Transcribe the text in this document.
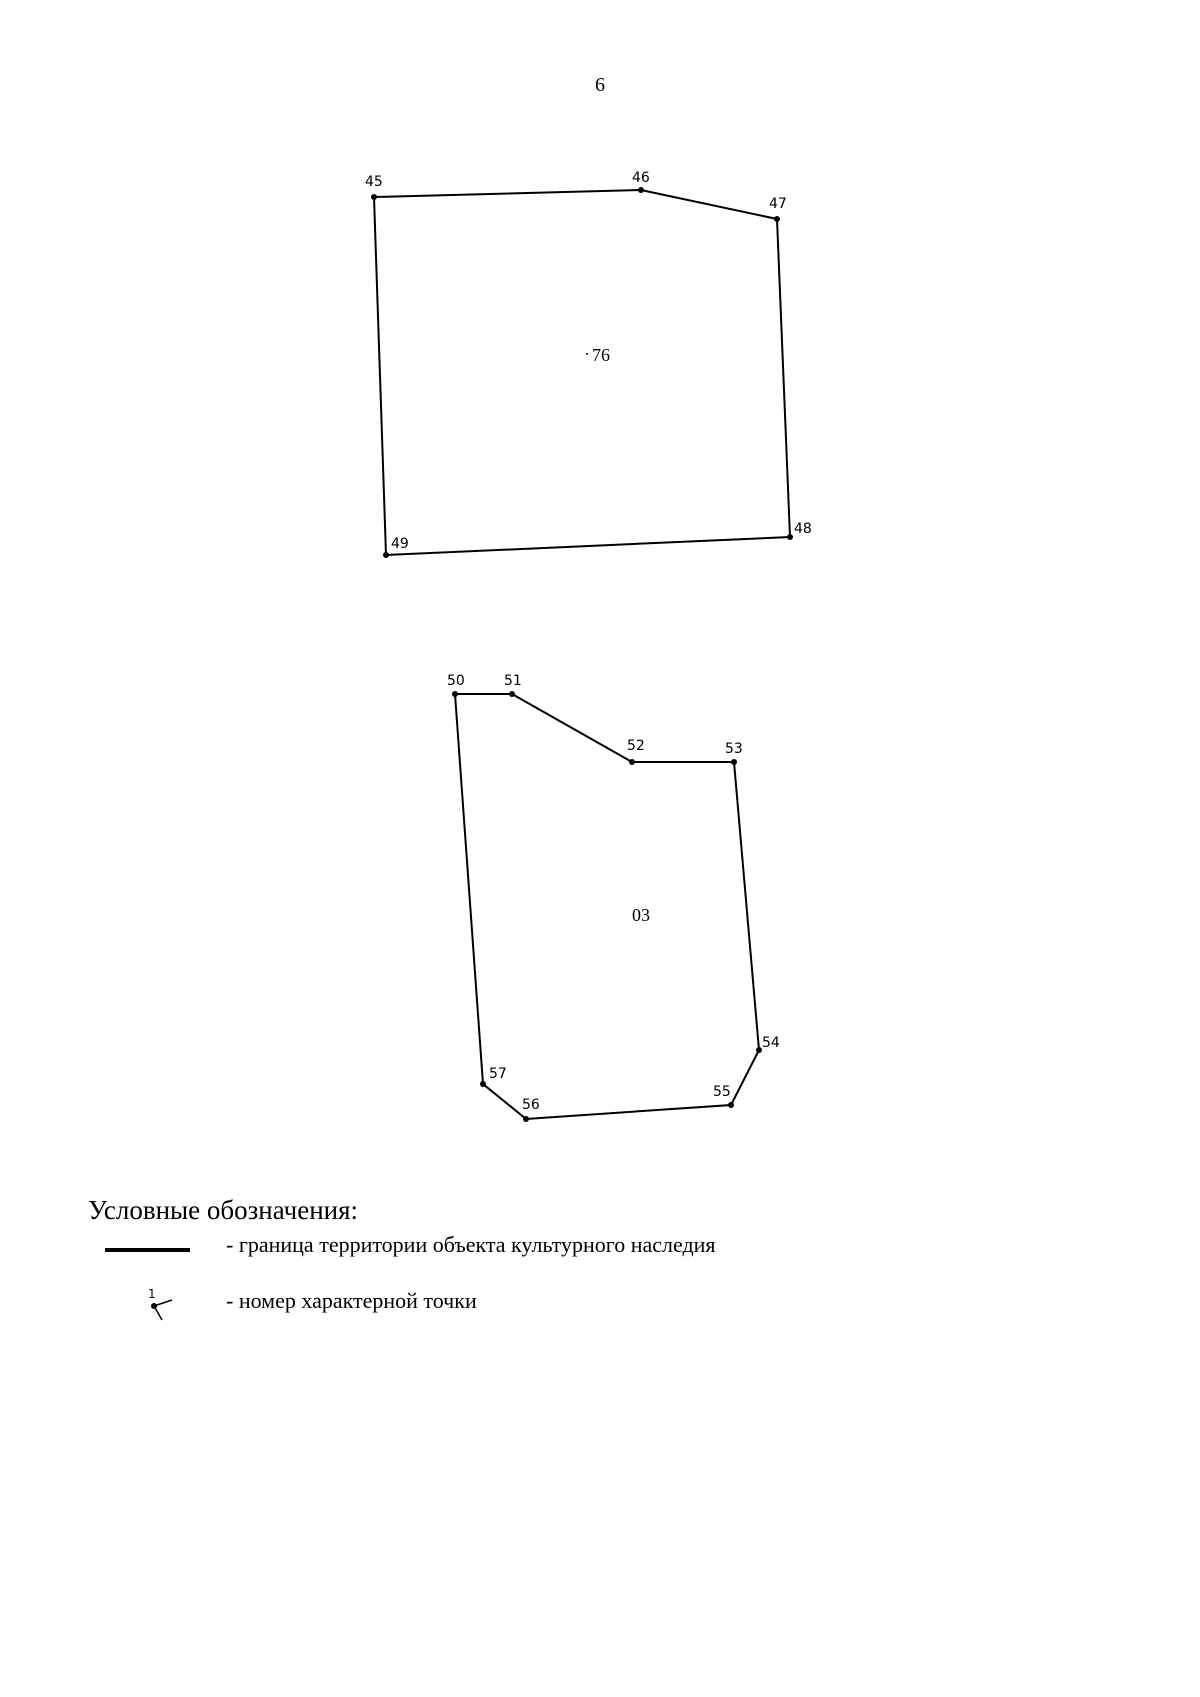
6
45	46
47
48
49
76
50	51
52	53
54
55
56
57
03
Условные обозначения:
- граница территории объекта культурного наследия
1	- номер характерной точки
